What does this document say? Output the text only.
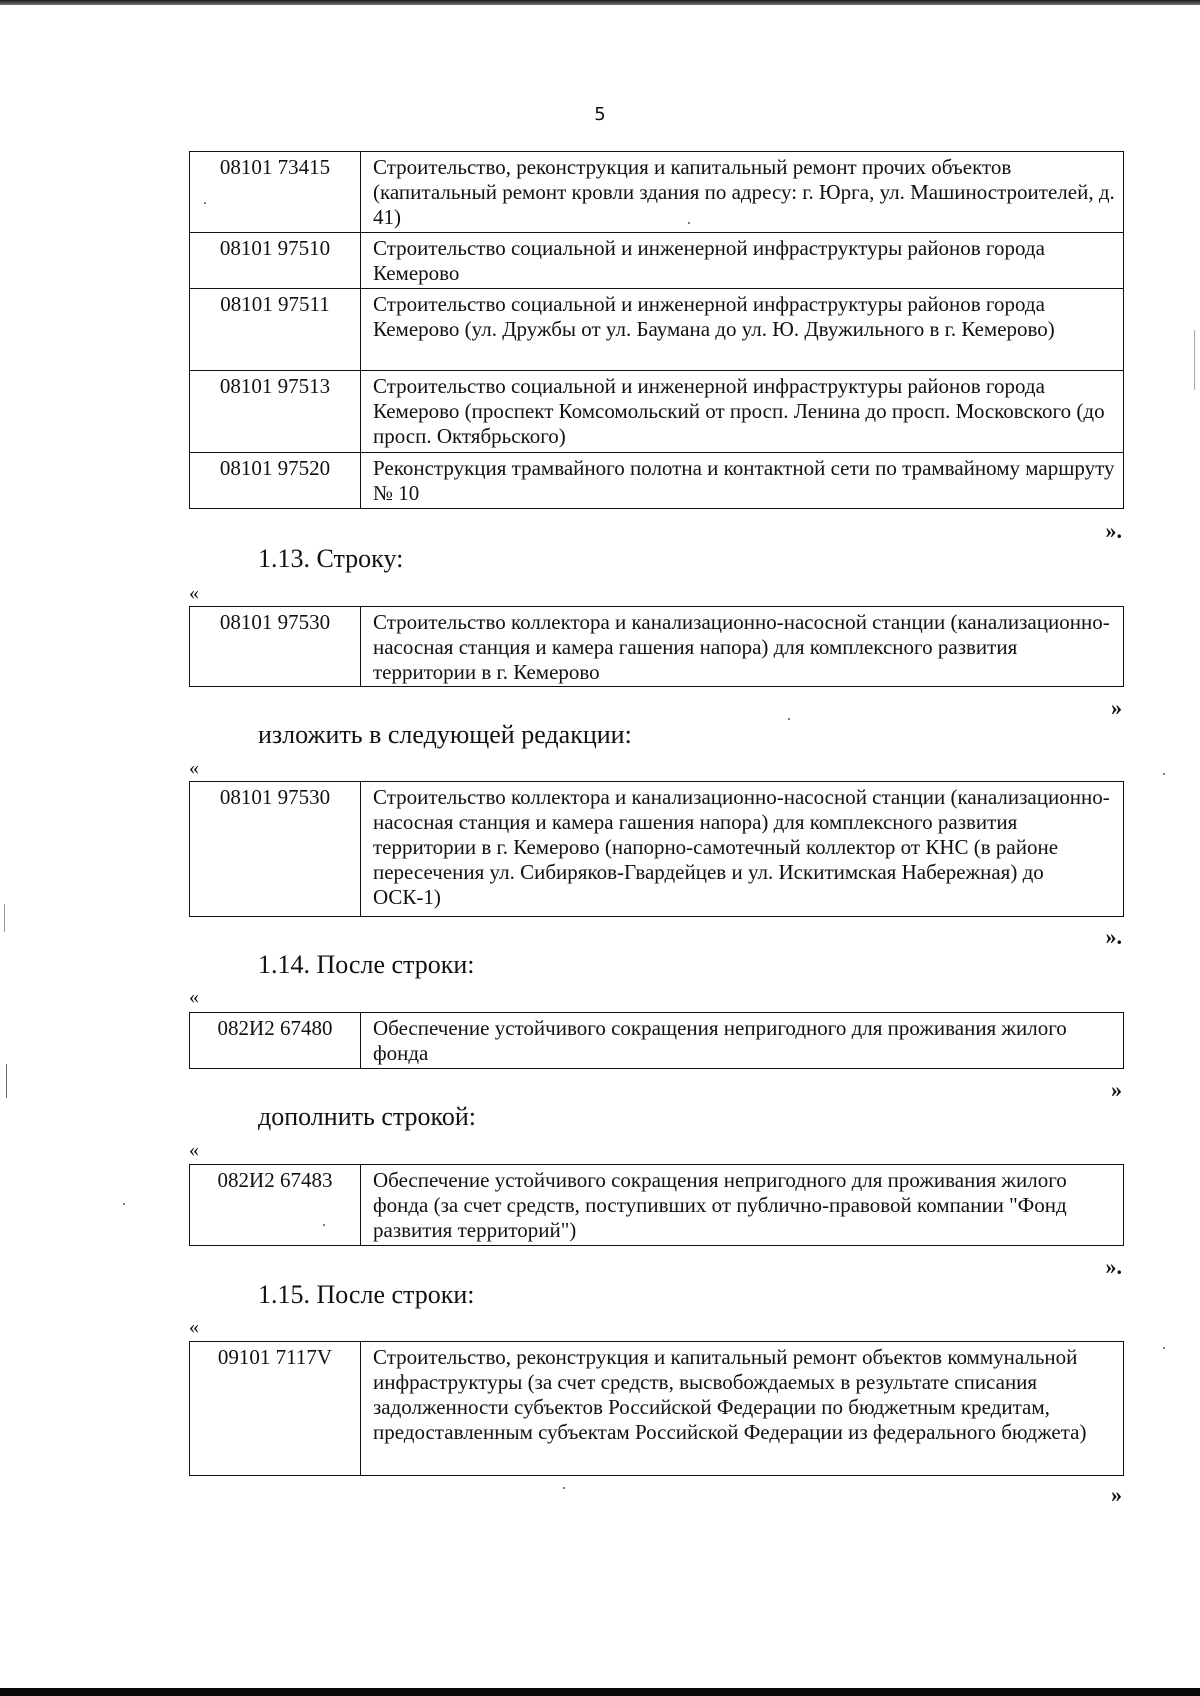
5
08101 73415	Строительство, реконструкция и капитальный ремонт прочих объектов (капитальный ремонт кровли здания по адресу: г. Юрга, ул. Машиностроителей, д. 41)
08101 97510	Строительство социальной и инженерной инфраструктуры районов города Кемерово
08101 97511	Строительство социальной и инженерной инфраструктуры районов города Кемерово (ул. Дружбы от ул. Баумана до ул. Ю. Двужильного в г. Кемерово)
08101 97513	Строительство социальной и инженерной инфраструктуры районов города Кемерово (проспект Комсомольский от просп. Ленина до просп. Московского (до просп. Октябрьского)
08101 97520	Реконструкция трамвайного полотна и контактной сети по трамвайному маршруту № 10
».
1.13. Строку:
«
08101 97530	Строительство коллектора и канализационно-насосной станции (канализационно-насосная станция и камера гашения напора) для комплексного развития территории в г. Кемерово
»
изложить в следующей редакции:
«
08101 97530	Строительство коллектора и канализационно-насосной станции (канализационно-насосная станция и камера гашения напора) для комплексного развития территории в г. Кемерово (напорно-самотечный коллектор от КНС (в районе пересечения ул. Сибиряков-Гвардейцев и ул. Искитимская Набережная) до ОСК-1)
».
1.14. После строки:
«
082И2 67480	Обеспечение устойчивого сокращения непригодного для проживания жилого фонда
»
дополнить строкой:
«
082И2 67483	Обеспечение устойчивого сокращения непригодного для проживания жилого фонда (за счет средств, поступивших от публично-правовой компании "Фонд развития территорий")
».
1.15. После строки:
«
09101 7117V	Строительство, реконструкция и капитальный ремонт объектов коммунальной инфраструктуры (за счет средств, высвобождаемых в результате списания задолженности субъектов Российской Федерации по бюджетным кредитам, предоставленным субъектам Российской Федерации из федерального бюджета)
»
